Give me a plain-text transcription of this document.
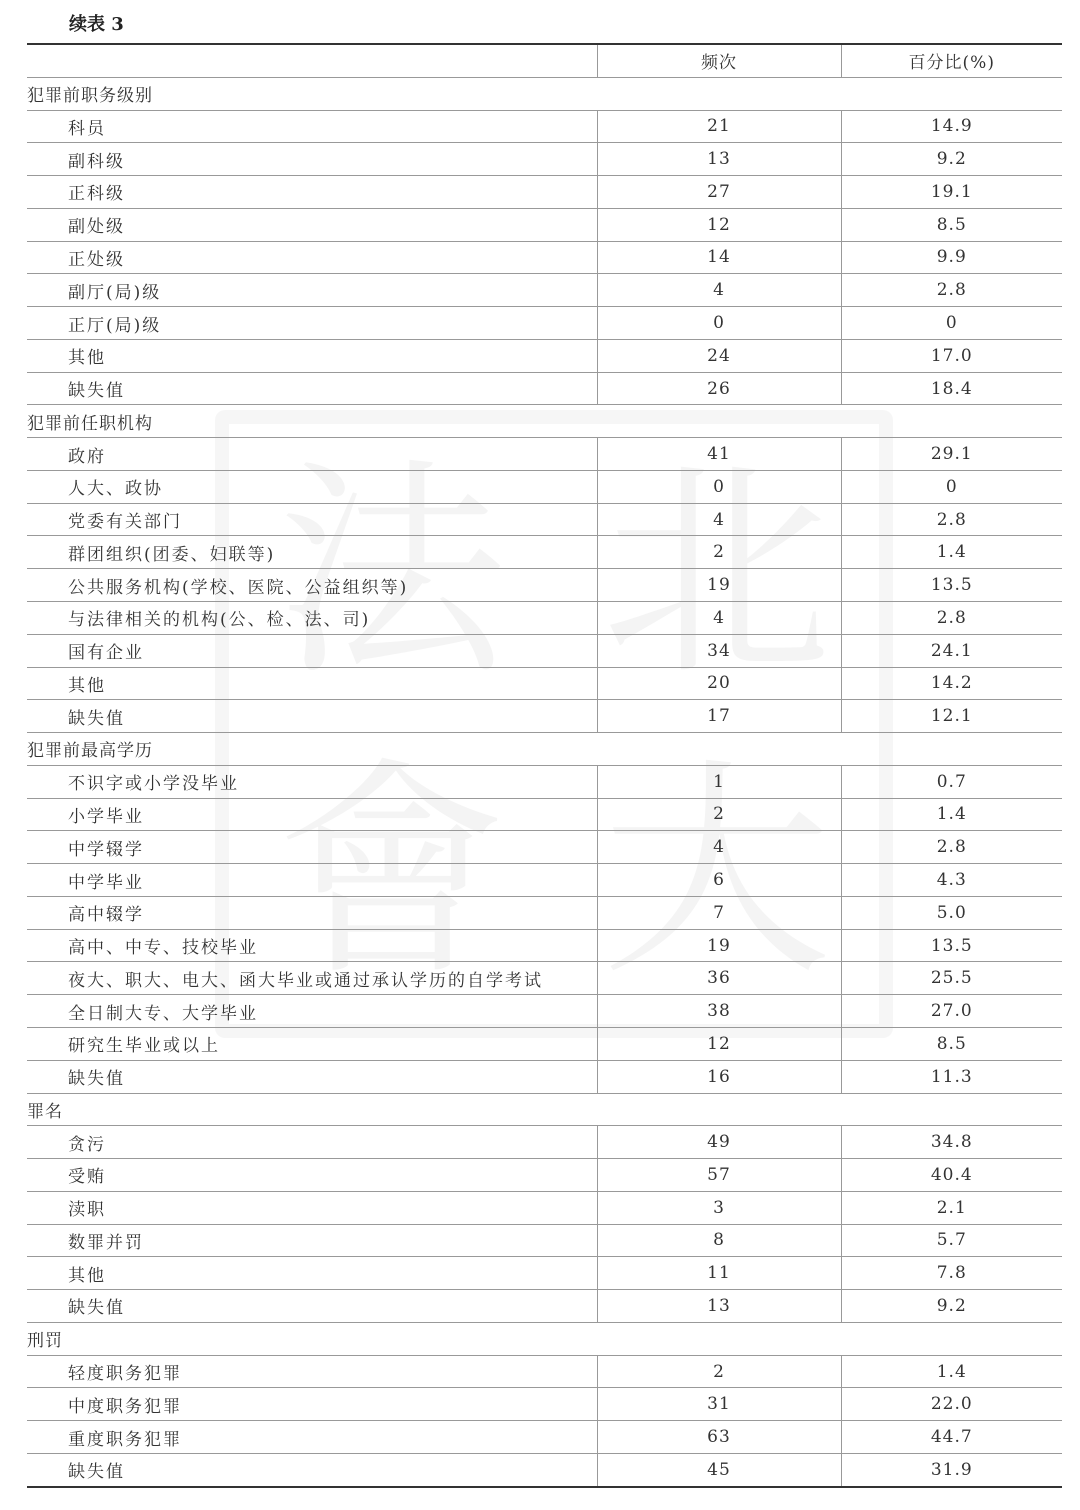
续表 3
	频次	百分比(%)
犯罪前职务级别		
科员	21	14.9
副科级	13	9.2
正科级	27	19.1
副处级	12	8.5
正处级	14	9.9
副厅(局)级	4	2.8
正厅(局)级	0	0
其他	24	17.0
缺失值	26	18.4
犯罪前任职机构		
政府	41	29.1
人大、政协	0	0
党委有关部门	4	2.8
群团组织(团委、妇联等)	2	1.4
公共服务机构(学校、医院、公益组织等)	19	13.5
与法律相关的机构(公、检、法、司)	4	2.8
国有企业	34	24.1
其他	20	14.2
缺失值	17	12.1
犯罪前最高学历		
不识字或小学没毕业	1	0.7
小学毕业	2	1.4
中学辍学	4	2.8
中学毕业	6	4.3
高中辍学	7	5.0
高中、中专、技校毕业	19	13.5
夜大、职大、电大、函大毕业或通过承认学历的自学考试	36	25.5
全日制大专、大学毕业	38	27.0
研究生毕业或以上	12	8.5
缺失值	16	11.3
罪名		
贪污	49	34.8
受贿	57	40.4
渎职	3	2.1
数罪并罚	8	5.7
其他	11	7.8
缺失值	13	9.2
刑罚		
轻度职务犯罪	2	1.4
中度职务犯罪	31	22.0
重度职务犯罪	63	44.7
缺失值	45	31.9
